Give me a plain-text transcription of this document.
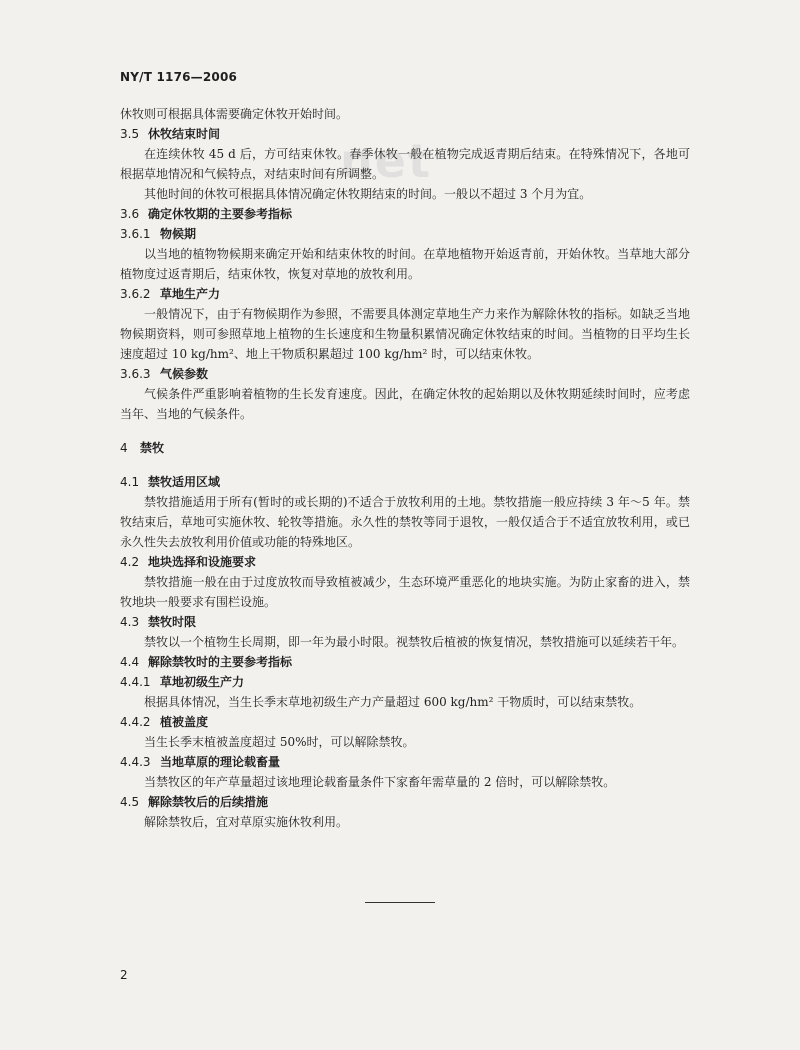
net
NY/T 1176—2006

休牧则可根据具体需要确定休牧开始时间。

3.5 休牧结束时间

在连续休牧 45 d 后，方可结束休牧。春季休牧一般在植物完成返青期后结束。在特殊情况下，各地可根据草地情况和气候特点，对结束时间有所调整。

其他时间的休牧可根据具体情况确定休牧期结束的时间。一般以不超过 3 个月为宜。

3.6 确定休牧期的主要参考指标
3.6.1 物候期

以当地的植物物候期来确定开始和结束休牧的时间。在草地植物开始返青前，开始休牧。当草地大部分植物度过返青期后，结束休牧，恢复对草地的放牧利用。

3.6.2 草地生产力

一般情况下，由于有物候期作为参照，不需要具体测定草地生产力来作为解除休牧的指标。如缺乏当地物候期资料，则可参照草地上植物的生长速度和生物量积累情况确定休牧结束的时间。当植物的日平均生长速度超过 10 kg/hm²、地上干物质积累超过 100 kg/hm² 时，可以结束休牧。

3.6.3 气候参数

气候条件严重影响着植物的生长发育速度。因此，在确定休牧的起始期以及休牧期延续时间时，应考虑当年、当地的气候条件。

4 禁牧
4.1 禁牧适用区域

禁牧措施适用于所有(暂时的或长期的)不适合于放牧利用的土地。禁牧措施一般应持续 3 年～5 年。禁牧结束后，草地可实施休牧、轮牧等措施。永久性的禁牧等同于退牧，一般仅适合于不适宜放牧利用，或已永久性失去放牧利用价值或功能的特殊地区。

4.2 地块选择和设施要求

禁牧措施一般在由于过度放牧而导致植被减少，生态环境严重恶化的地块实施。为防止家畜的进入，禁牧地块一般要求有围栏设施。

4.3 禁牧时限

禁牧以一个植物生长周期，即一年为最小时限。视禁牧后植被的恢复情况，禁牧措施可以延续若干年。

4.4 解除禁牧时的主要参考指标
4.4.1 草地初级生产力

根据具体情况，当生长季末草地初级生产力产量超过 600 kg/hm² 干物质时，可以结束禁牧。

4.4.2 植被盖度

当生长季末植被盖度超过 50%时，可以解除禁牧。

4.4.3 当地草原的理论载畜量

当禁牧区的年产草量超过该地理论载畜量条件下家畜年需草量的 2 倍时，可以解除禁牧。

4.5 解除禁牧后的后续措施

解除禁牧后，宜对草原实施休牧利用。

2
